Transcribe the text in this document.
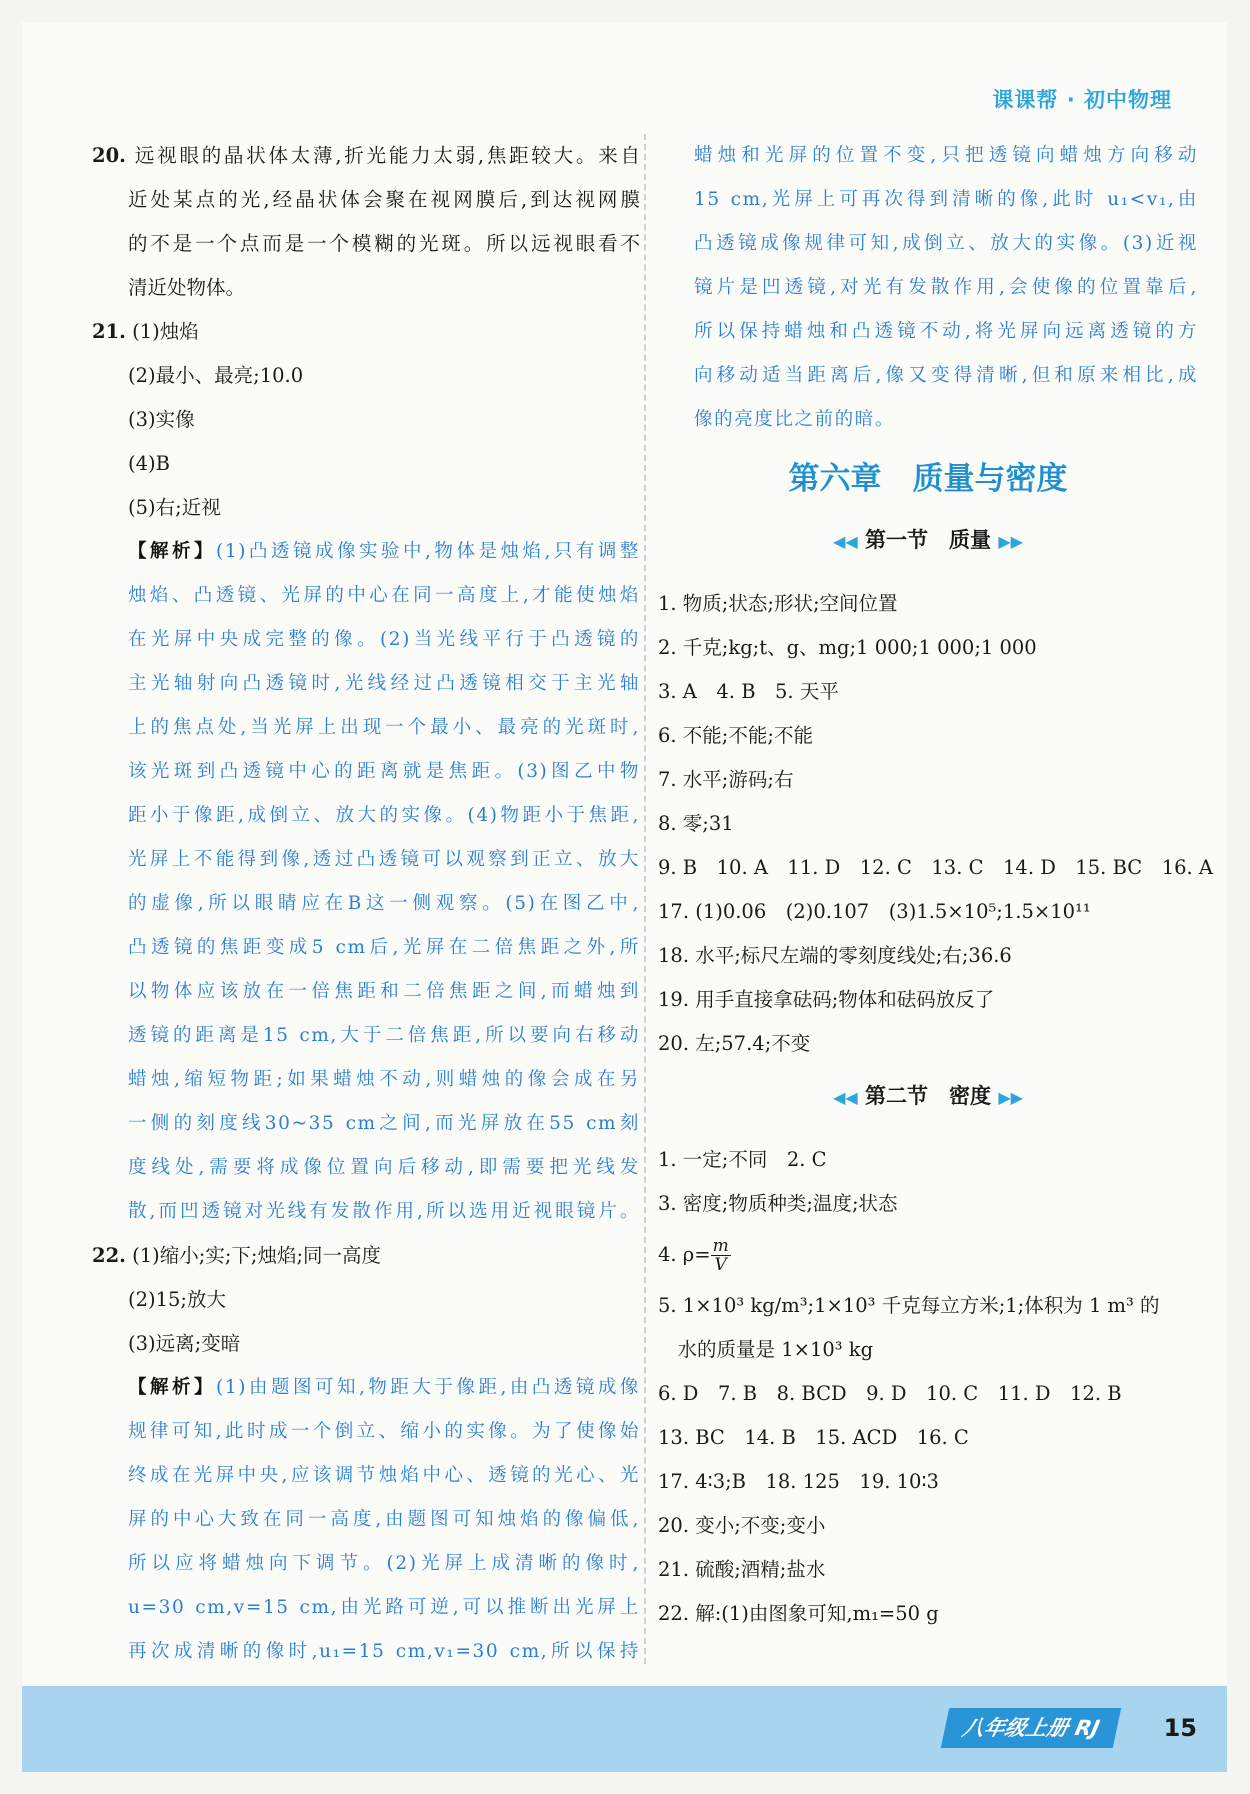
课课帮 · 初中物理
20. 远视眼的晶状体太薄,折光能力太弱,焦距较大。来自
近处某点的光,经晶状体会聚在视网膜后,到达视网膜
的不是一个点而是一个模糊的光斑。所以远视眼看不
清近处物体。
21. (1)烛焰
(2)最小、最亮;10.0
(3)实像
(4)B
(5)右;近视
【解析】(1)凸透镜成像实验中,物体是烛焰,只有调整
烛焰、凸透镜、光屏的中心在同一高度上,才能使烛焰
在光屏中央成完整的像。(2)当光线平行于凸透镜的
主光轴射向凸透镜时,光线经过凸透镜相交于主光轴
上的焦点处,当光屏上出现一个最小、最亮的光斑时,
该光斑到凸透镜中心的距离就是焦距。(3)图乙中物
距小于像距,成倒立、放大的实像。(4)物距小于焦距,
光屏上不能得到像,透过凸透镜可以观察到正立、放大
的虚像,所以眼睛应在B这一侧观察。(5)在图乙中,
凸透镜的焦距变成5 cm后,光屏在二倍焦距之外,所
以物体应该放在一倍焦距和二倍焦距之间,而蜡烛到
透镜的距离是15 cm,大于二倍焦距,所以要向右移动
蜡烛,缩短物距;如果蜡烛不动,则蜡烛的像会成在另
一侧的刻度线30~35 cm之间,而光屏放在55 cm刻
度线处,需要将成像位置向后移动,即需要把光线发
散,而凹透镜对光线有发散作用,所以选用近视眼镜片。
22. (1)缩小;实;下;烛焰;同一高度
(2)15;放大
(3)远离;变暗
【解析】(1)由题图可知,物距大于像距,由凸透镜成像
规律可知,此时成一个倒立、缩小的实像。为了使像始
终成在光屏中央,应该调节烛焰中心、透镜的光心、光
屏的中心大致在同一高度,由题图可知烛焰的像偏低,
所以应将蜡烛向下调节。(2)光屏上成清晰的像时,
u=30 cm,v=15 cm,由光路可逆,可以推断出光屏上
再次成清晰的像时,u₁=15 cm,v₁=30 cm,所以保持
蜡烛和光屏的位置不变,只把透镜向蜡烛方向移动
15 cm,光屏上可再次得到清晰的像,此时 u₁<v₁,由
凸透镜成像规律可知,成倒立、放大的实像。(3)近视
镜片是凹透镜,对光有发散作用,会使像的位置靠后,
所以保持蜡烛和凸透镜不动,将光屏向远离透镜的方
向移动适当距离后,像又变得清晰,但和原来相比,成
像的亮度比之前的暗。
第六章　质量与密度
◀◀ 第一节　质量 ▶▶
1. 物质;状态;形状;空间位置
2. 千克;kg;t、g、mg;1 000;1 000;1 000
3. A　4. B　5. 天平
6. 不能;不能;不能
7. 水平;游码;右
8. 零;31
9. B　10. A　11. D　12. C　13. C　14. D　15. BC　16. A
17. (1)0.06　(2)0.107　(3)1.5×10⁵;1.5×10¹¹
18. 水平;标尺左端的零刻度线处;右;36.6
19. 用手直接拿砝码;物体和砝码放反了
20. 左;57.4;不变
◀◀ 第二节　密度 ▶▶
1. 一定;不同　2. C
3. 密度;物质种类;温度;状态
4. $\rho= \frac{m}{V}$
5. 1×10³ kg/m³;1×10³ 千克每立方米;1;体积为 1 m³ 的
　水的质量是 1×10³ kg
6. D　7. B　8. BCD　9. D　10. C　11. D　12. B
13. BC　14. B　15. ACD　16. C
17. 4∶3;B　18. 125　19. 10∶3
20. 变小;不变;变小
21. 硫酸;酒精;盐水
22. 解:(1)由图象可知,m₁=50 g
八年级上册 RJ	15
